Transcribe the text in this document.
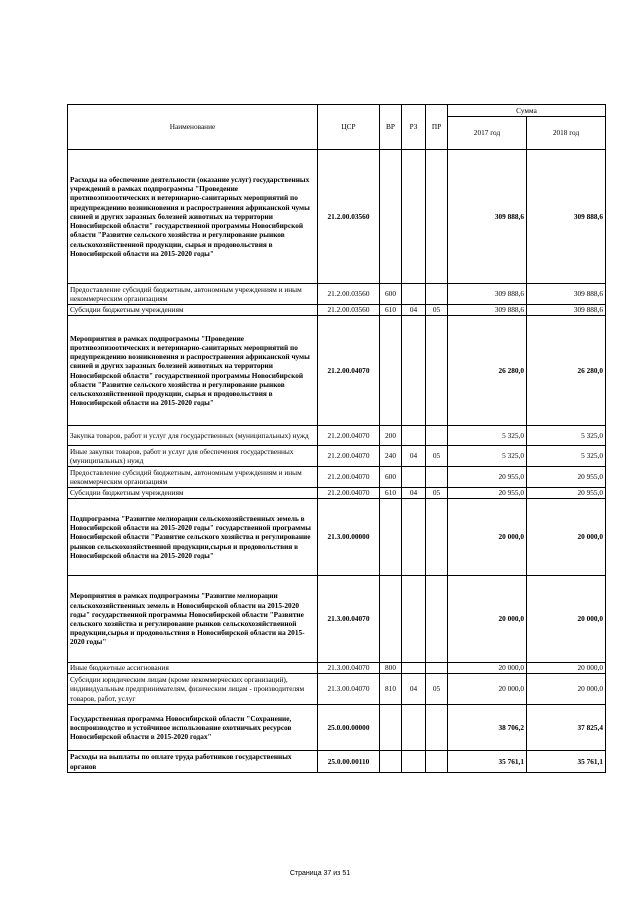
Наименование	ЦСР	ВР	РЗ	ПР	Сумма	
					2017 год	2018 год
Расходы на обеспечение деятельности (оказание услуг) государственных учреждений в рамках подпрограммы "Проведение противоэпизоотических и ветеринарно-санитарных мероприятий по предупреждению возникновения и распространения африканской чумы свиней и других заразных болезней животных на территории Новосибирской области" государственной программы Новосибирской области "Развитие сельского хозяйства и регулирование рынков сельскохозяйственной продукции, сырья и продовольствия в Новосибирской области на 2015-2020 годы"	21.2.00.03560				309 888,6	309 888,6
Предоставление субсидий бюджетным, автономным учреждениям и иным некоммерческим организациям	21.2.00.03560	600			309 888,6	309 888,6
Субсидии бюджетным учреждениям	21.2.00.03560	610	04	05	309 888,6	309 888,6
Мероприятия в рамках подпрограммы "Проведение противоэпизоотических и ветеринарно-санитарных мероприятий по предупреждению возникновения и распространения африканской чумы свиней и других заразных болезней животных на территории Новосибирской области" государственной программы Новосибирской области "Развитие сельского хозяйства и регулирование рынков сельскохозяйственной продукции, сырья и продовольствия в Новосибирской области на 2015-2020 годы"	21.2.00.04070				26 280,0	26 280,0
Закупка товаров, работ и услуг для государственных (муниципальных) нужд	21.2.00.04070	200			5 325,0	5 325,0
Иные закупки товаров, работ и услуг для обеспечения государственных (муниципальных) нужд	21.2.00.04070	240	04	05	5 325,0	5 325,0
Предоставление субсидий бюджетным, автономным учреждениям и иным некоммерческим организациям	21.2.00.04070	600			20 955,0	20 955,0
Субсидии бюджетным учреждениям	21.2.00.04070	610	04	05	20 955,0	20 955,0
Подпрограмма "Развитие мелиорации сельскохозяйственных земель в Новосибирской области на 2015-2020 годы" государственной программы Новосибирской области "Развитие сельского хозяйства и регулирование рынков сельскохозяйственной продукции,сырья и продовольствия в Новосибирской области на 2015-2020 годы"	21.3.00.00000				20 000,0	20 000,0
Мероприятия в рамках подпрограммы "Развитие мелиорации сельскохозяйственных земель в Новосибирской области на 2015-2020 годы" государственной программы Новосибирской области "Развитие сельского хозяйства и регулирование рынков сельскохозяйственной продукции,сырья и продовольствия в Новосибирской области на 2015-2020 годы"	21.3.00.04070				20 000,0	20 000,0
Иные бюджетные ассигнования	21.3.00.04070	800			20 000,0	20 000,0
Субсидии юридическим лицам (кроме некоммерческих организаций), индивидуальным предпринимателям, физическим лицам - производителям товаров, работ, услуг	21.3.00.04070	810	04	05	20 000,0	20 000,0
Государственная программа Новосибирской области "Сохранение, воспроизводство и устойчивое использование охотничьих ресурсов Новосибирской области в 2015-2020 годах"	25.0.00.00000				38 706,2	37 825,4
Расходы на выплаты по оплате труда работников государственных органов	25.0.00.00110				35 761,1	35 761,1
Страница 37 из 51
